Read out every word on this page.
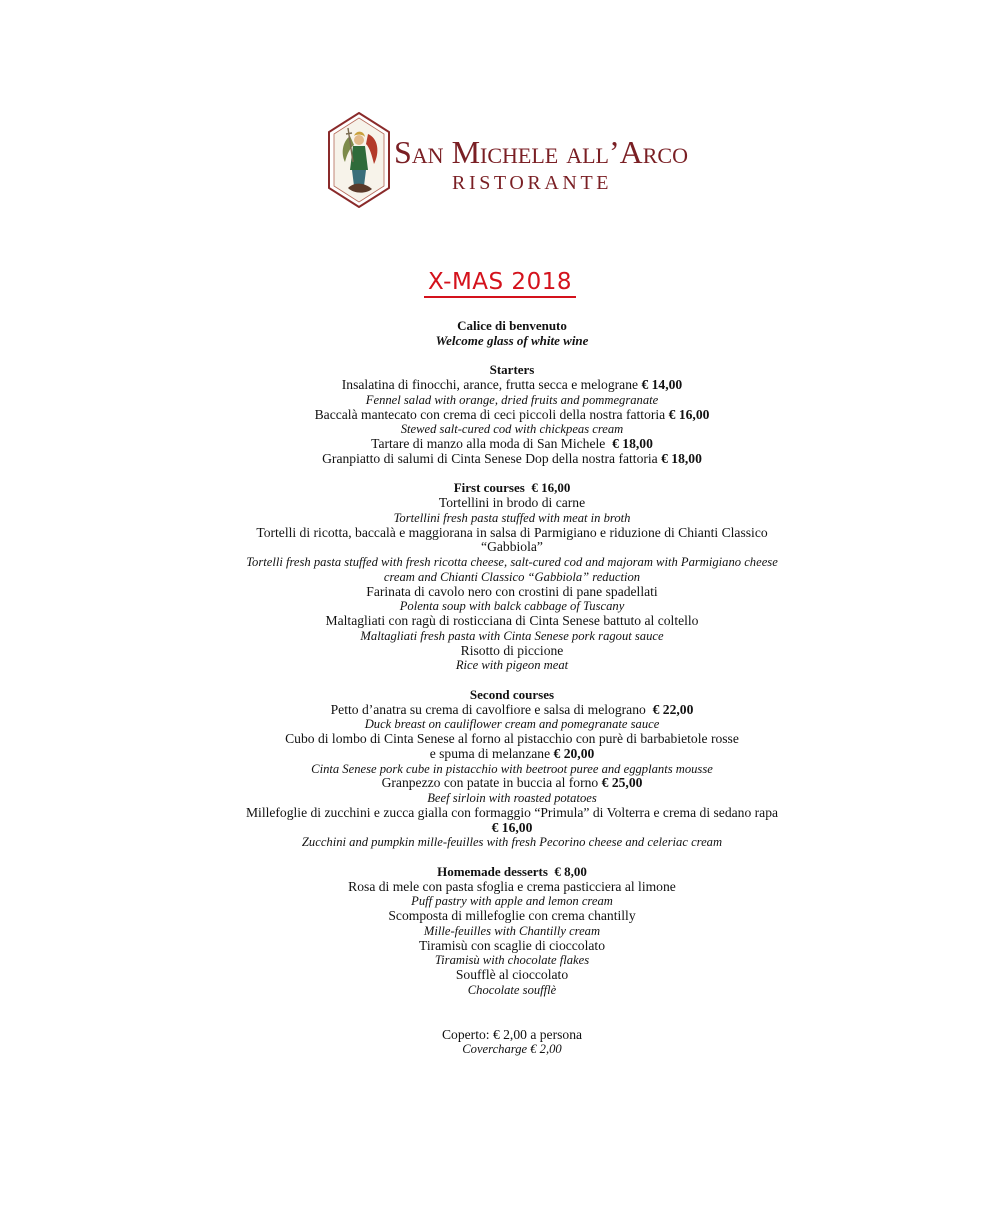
San Michele all’Arco
RISTORANTE
X-MAS 2018

Calice di benvenuto

Welcome glass of white wine

Starters

Insalatina di finocchi, arance, frutta secca e melograne € 14,00

Fennel salad with orange, dried fruits and pommegranate

Baccalà mantecato con crema di ceci piccoli della nostra fattoria € 16,00

Stewed salt-cured cod with chickpeas cream

Tartare di manzo alla moda di San Michele € 18,00

Granpiatto di salumi di Cinta Senese Dop della nostra fattoria € 18,00

First courses € 16,00

Tortellini in brodo di carne

Tortellini fresh pasta stuffed with meat in broth

Tortelli di ricotta, baccalà e maggiorana in salsa di Parmigiano e riduzione di Chianti Classico

“Gabbiola”

Tortelli fresh pasta stuffed with fresh ricotta cheese, salt-cured cod and majoram with Parmigiano cheese

cream and Chianti Classico “Gabbiola” reduction

Farinata di cavolo nero con crostini di pane spadellati

Polenta soup with balck cabbage of Tuscany

Maltagliati con ragù di rosticciana di Cinta Senese battuto al coltello

Maltagliati fresh pasta with Cinta Senese pork ragout sauce

Risotto di piccione

Rice with pigeon meat

Second courses

Petto d’anatra su crema di cavolfiore e salsa di melograno € 22,00

Duck breast on cauliflower cream and pomegranate sauce

Cubo di lombo di Cinta Senese al forno al pistacchio con purè di barbabietole rosse

e spuma di melanzane € 20,00

Cinta Senese pork cube in pistacchio with beetroot puree and eggplants mousse

Granpezzo con patate in buccia al forno € 25,00

Beef sirloin with roasted potatoes

Millefoglie di zucchini e zucca gialla con formaggio “Primula” di Volterra e crema di sedano rapa

€ 16,00

Zucchini and pumpkin mille-feuilles with fresh Pecorino cheese and celeriac cream

Homemade desserts € 8,00

Rosa di mele con pasta sfoglia e crema pasticciera al limone

Puff pastry with apple and lemon cream

Scomposta di millefoglie con crema chantilly

Mille-feuilles with Chantilly cream

Tiramisù con scaglie di cioccolato

Tiramisù with chocolate flakes

Soufflè al cioccolato

Chocolate soufflè

Coperto: € 2,00 a persona

Covercharge € 2,00
